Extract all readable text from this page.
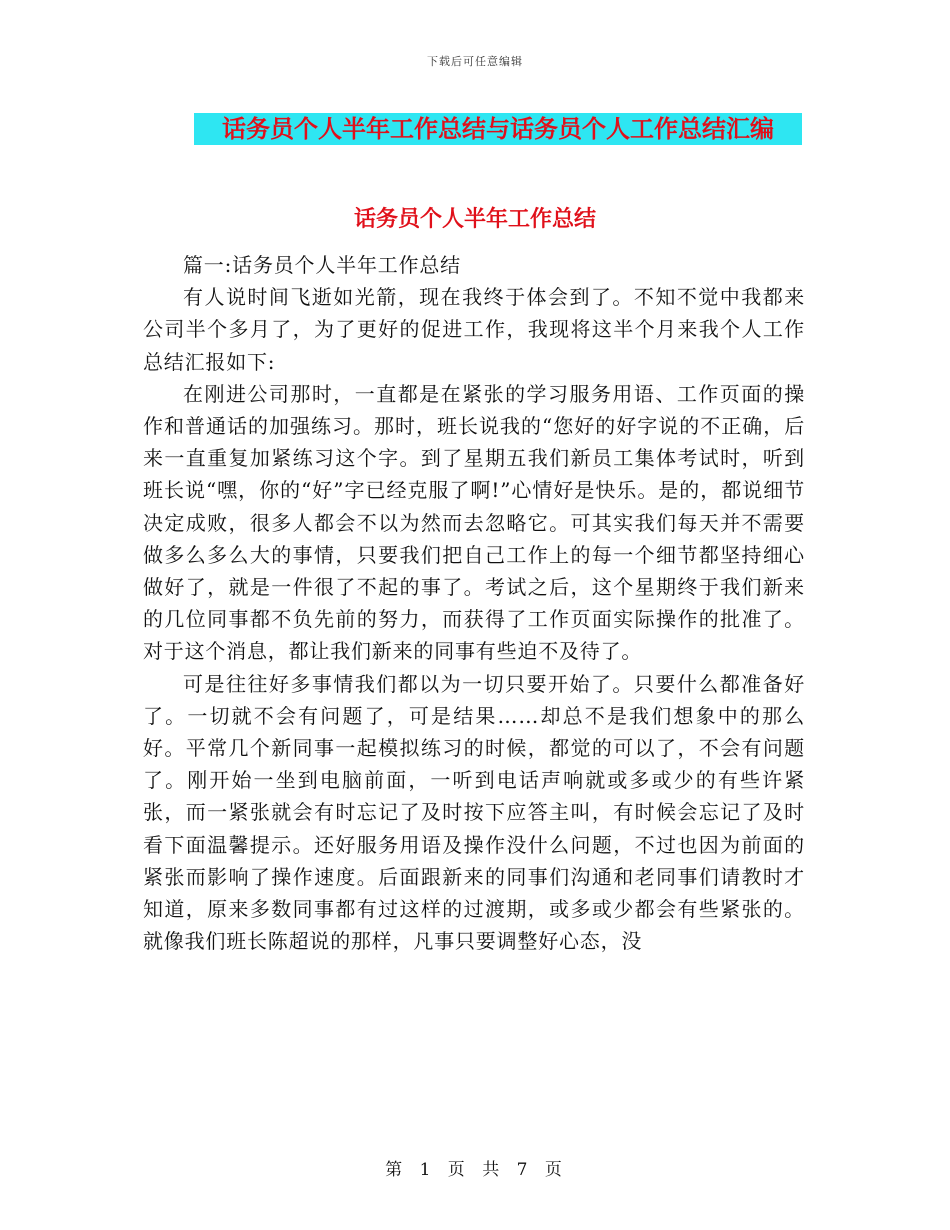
下载后可任意编辑
话务员个人半年工作总结与话务员个人工作总结汇编
话务员个人半年工作总结

篇一:话务员个人半年工作总结

有人说时间飞逝如光箭，现在我终于体会到了。不知不觉中我都来公司半个多月了，为了更好的促进工作，我现将这半个月来我个人工作总结汇报如下:

在刚进公司那时，一直都是在紧张的学习服务用语、工作页面的操作和普通话的加强练习。那时，班长说我的“您好的好字说的不正确，后来一直重复加紧练习这个字。到了星期五我们新员工集体考试时，听到班长说“嘿，你的“好”字已经克服了啊!”心情好是快乐。是的，都说细节决定成败，很多人都会不以为然而去忽略它。可其实我们每天并不需要做多么多么大的事情，只要我们把自己工作上的每一个细节都坚持细心做好了，就是一件很了不起的事了。考试之后，这个星期终于我们新来的几位同事都不负先前的努力，而获得了工作页面实际操作的批准了。对于这个消息，都让我们新来的同事有些迫不及待了。

可是往往好多事情我们都以为一切只要开始了。只要什么都准备好了。一切就不会有问题了，可是结果……却总不是我们想象中的那么好。平常几个新同事一起模拟练习的时候，都觉的可以了，不会有问题了。刚开始一坐到电脑前面，一听到电话声响就或多或少的有些许紧张，而一紧张就会有时忘记了及时按下应答主叫，有时候会忘记了及时看下面温馨提示。还好服务用语及操作没什么问题，不过也因为前面的紧张而影响了操作速度。后面跟新来的同事们沟通和老同事们请教时才知道，原来多数同事都有过这样的过渡期，或多或少都会有些紧张的。就像我们班长陈超说的那样，凡事只要调整好心态，没

第 1 页 共 7 页
